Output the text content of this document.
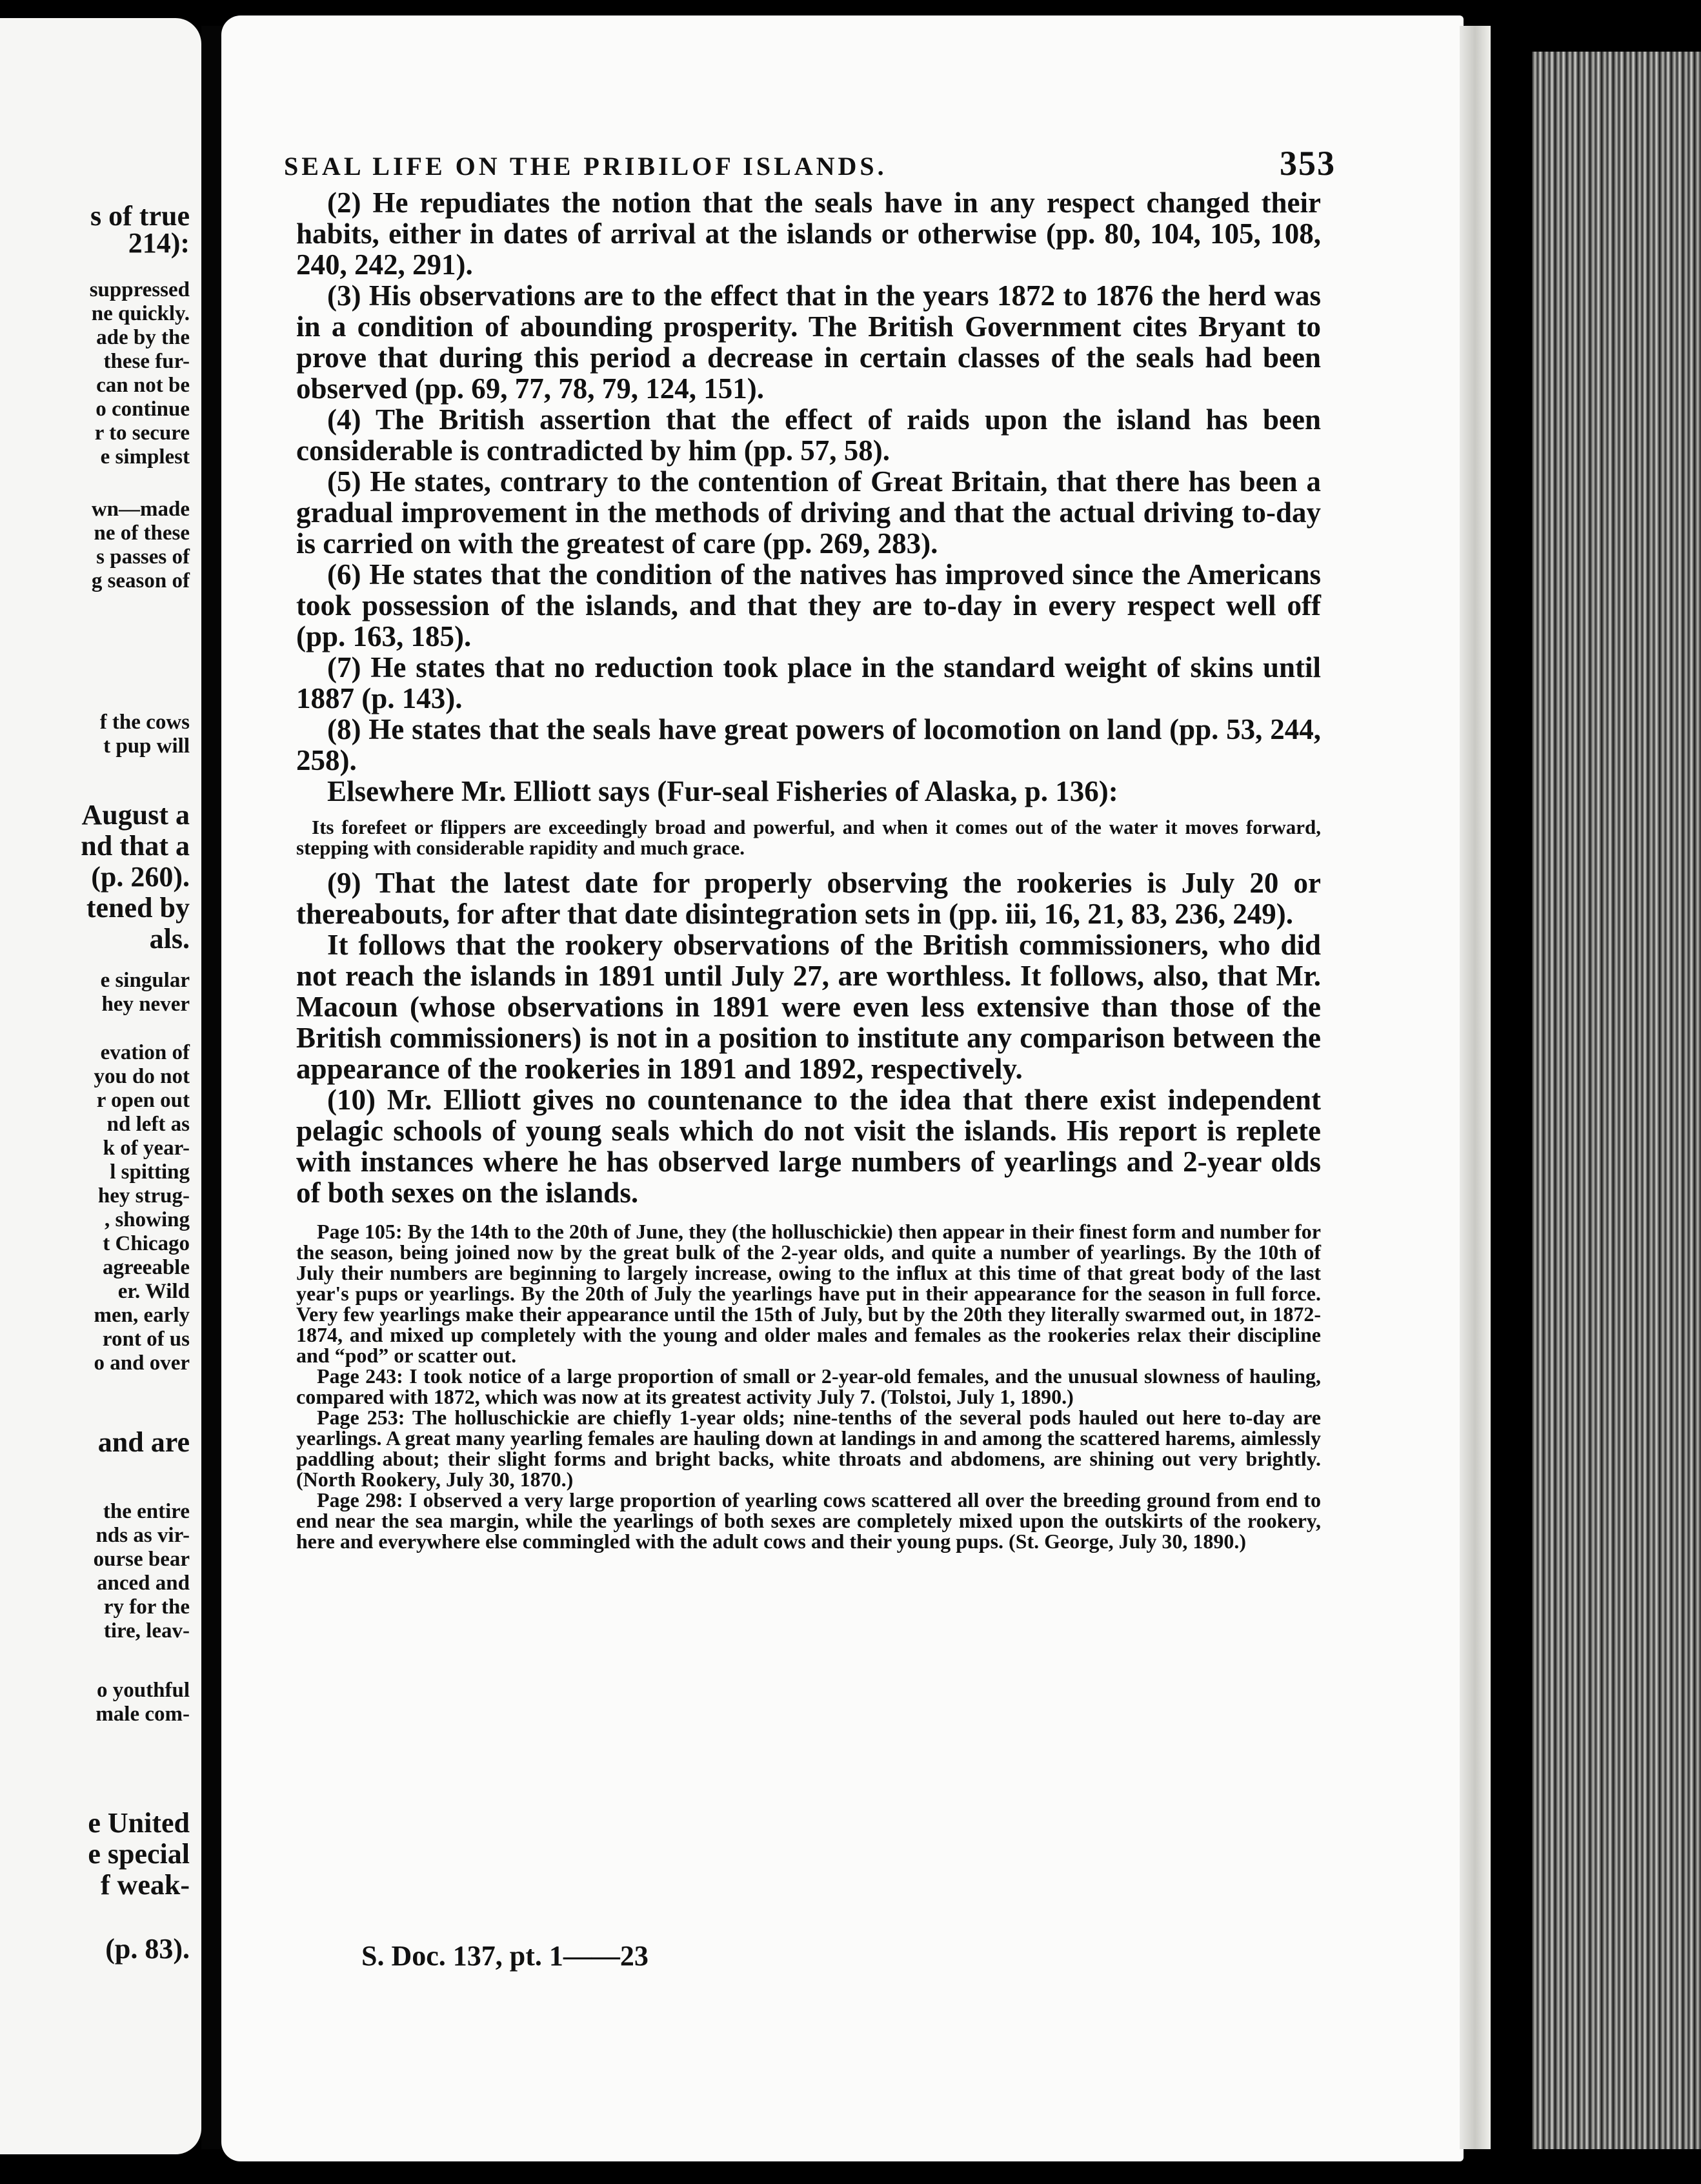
s of true
214):
suppressed
ne quickly.
ade by the
these fur-
can not be
o continue
r to secure
e simplest
wn—made
ne of these
s passes of
g season of
f the cows
t pup will
August a
nd that a
(p. 260).
tened by
als.
e singular
hey never
evation of
you do not
r open out
nd left as
k of year-
l spitting
hey strug-
, showing
t Chicago
agreeable
er. Wild
men, early
ront of us
o and over
and are
the entire
nds as vir-
ourse bear
anced and
ry for the
tire, leav-
o youthful
male com-
e United
e special
f weak-
(p. 83).
SEAL LIFE ON THE PRIBILOF ISLANDS.	353

(2) He repudiates the notion that the seals have in any respect changed their habits, either in dates of arrival at the islands or otherwise (pp. 80, 104, 105, 108, 240, 242, 291).

(3) His observations are to the effect that in the years 1872 to 1876 the herd was in a condition of abounding prosperity. The British Government cites Bryant to prove that during this period a decrease in certain classes of the seals had been observed (pp. 69, 77, 78, 79, 124, 151).

(4) The British assertion that the effect of raids upon the island has been considerable is contradicted by him (pp. 57, 58).

(5) He states, contrary to the contention of Great Britain, that there has been a gradual improvement in the methods of driving and that the actual driving to-day is carried on with the greatest of care (pp. 269, 283).

(6) He states that the condition of the natives has improved since the Americans took possession of the islands, and that they are to-day in every respect well off (pp. 163, 185).

(7) He states that no reduction took place in the standard weight of skins until 1887 (p. 143).

(8) He states that the seals have great powers of locomotion on land (pp. 53, 244, 258).

Elsewhere Mr. Elliott says (Fur-seal Fisheries of Alaska, p. 136):

Its forefeet or flippers are exceedingly broad and powerful, and when it comes out of the water it moves forward, stepping with considerable rapidity and much grace.

(9) That the latest date for properly observing the rookeries is July 20 or thereabouts, for after that date disintegration sets in (pp. iii, 16, 21, 83, 236, 249).

It follows that the rookery observations of the British commissioners, who did not reach the islands in 1891 until July 27, are worthless. It follows, also, that Mr. Macoun (whose observations in 1891 were even less extensive than those of the British commissioners) is not in a position to institute any comparison between the appearance of the rookeries in 1891 and 1892, respectively.

(10) Mr. Elliott gives no countenance to the idea that there exist independent pelagic schools of young seals which do not visit the islands. His report is replete with instances where he has observed large numbers of yearlings and 2-year olds of both sexes on the islands.

Page 105: By the 14th to the 20th of June, they (the holluschickie) then appear in their finest form and number for the season, being joined now by the great bulk of the 2-year olds, and quite a number of yearlings. By the 10th of July their numbers are beginning to largely increase, owing to the influx at this time of that great body of the last year's pups or yearlings. By the 20th of July the yearlings have put in their appearance for the season in full force. Very few yearlings make their appearance until the 15th of July, but by the 20th they literally swarmed out, in 1872-1874, and mixed up completely with the young and older males and females as the rookeries relax their discipline and “pod” or scatter out.

Page 243: I took notice of a large proportion of small or 2-year-old females, and the unusual slowness of hauling, compared with 1872, which was now at its greatest activity July 7. (Tolstoi, July 1, 1890.)

Page 253: The holluschickie are chiefly 1-year olds; nine-tenths of the several pods hauled out here to-day are yearlings. A great many yearling females are hauling down at landings in and among the scattered harems, aimlessly paddling about; their slight forms and bright backs, white throats and abdomens, are shining out very brightly. (North Rookery, July 30, 1870.)

Page 298: I observed a very large proportion of yearling cows scattered all over the breeding ground from end to end near the sea margin, while the yearlings of both sexes are completely mixed upon the outskirts of the rookery, here and everywhere else commingled with the adult cows and their young pups. (St. George, July 30, 1890.)

S. Doc. 137, pt. 1——23
